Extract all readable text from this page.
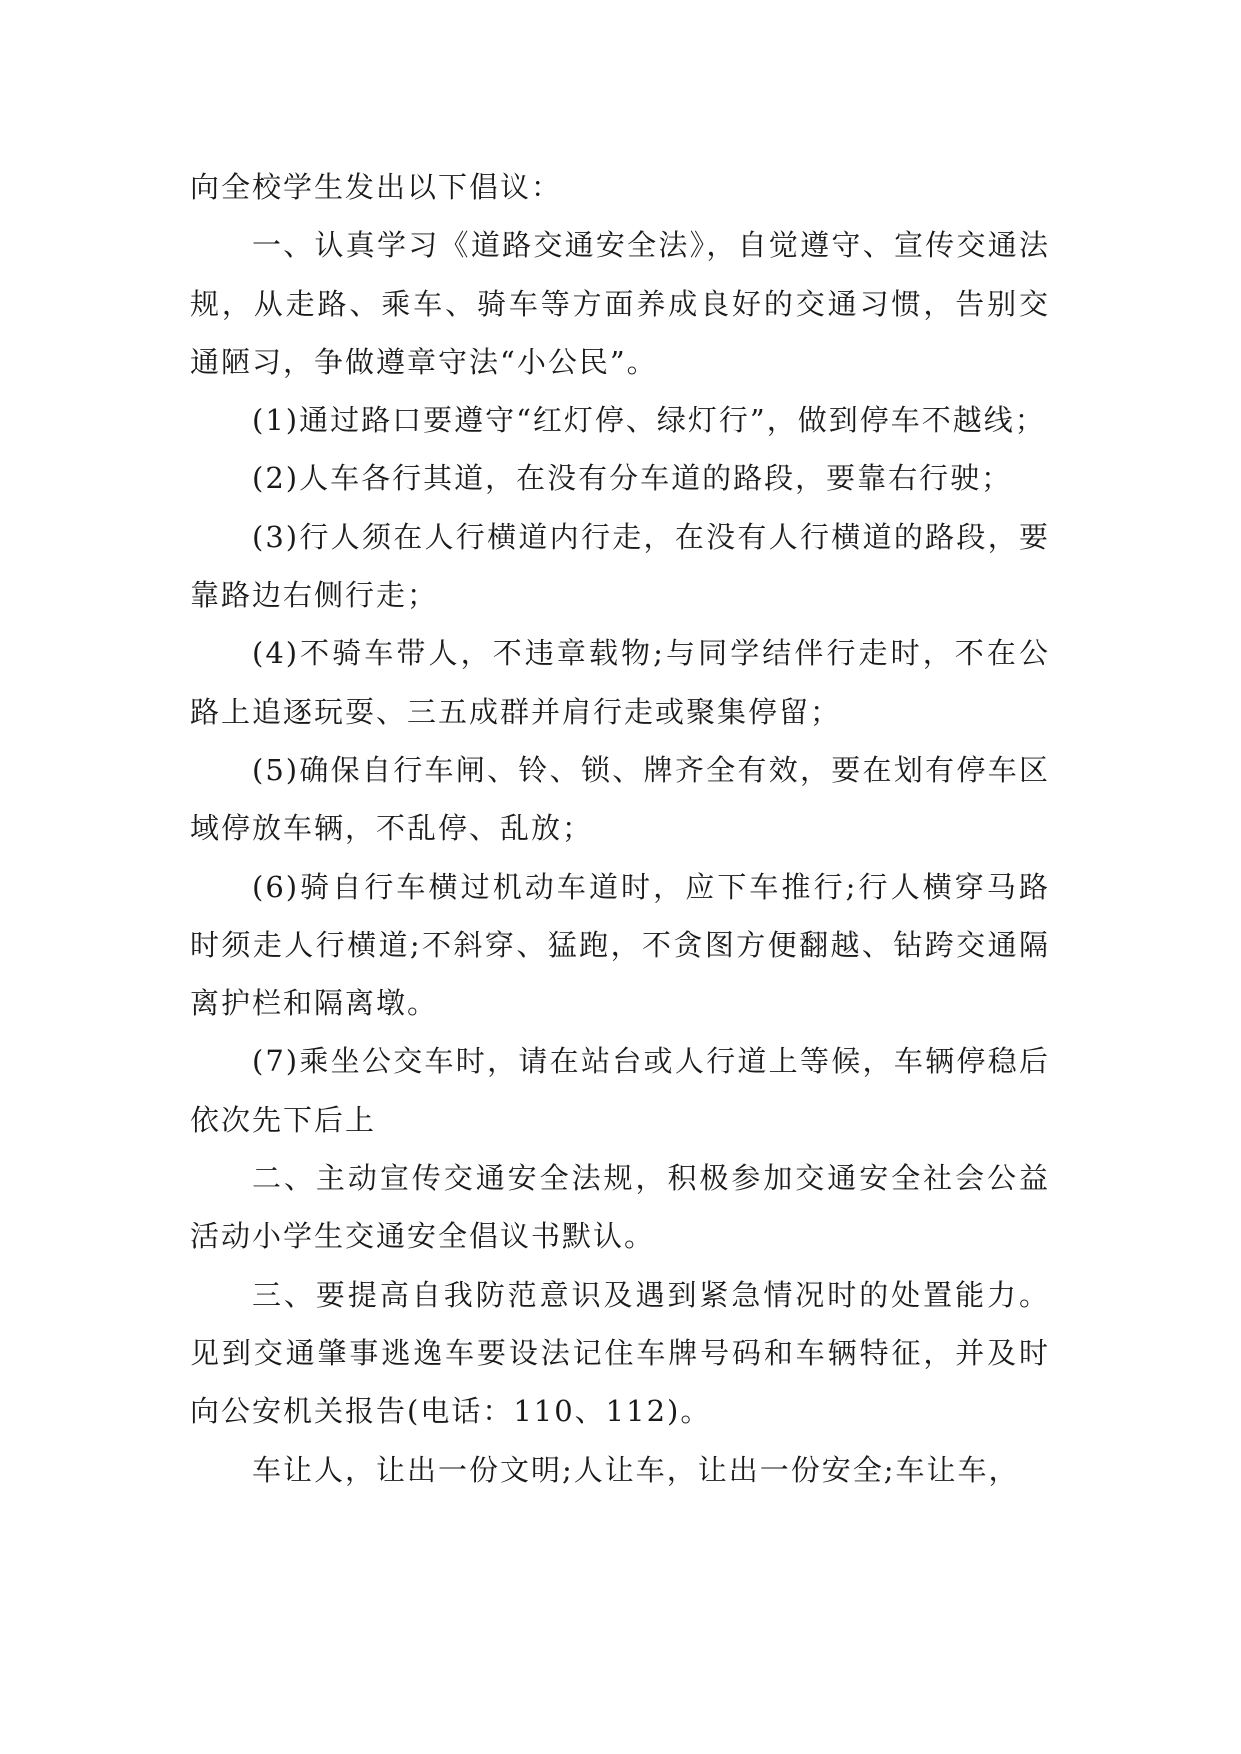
向全校学生发出以下倡议：

一、认真学习《道路交通安全法》，自觉遵守、宣传交通法规，从走路、乘车、骑车等方面养成良好的交通习惯，告别交通陋习，争做遵章守法“小公民”。

(1)通过路口要遵守“红灯停、绿灯行”，做到停车不越线；

(2)人车各行其道，在没有分车道的路段，要靠右行驶；

(3)行人须在人行横道内行走，在没有人行横道的路段，要靠路边右侧行走；

(4)不骑车带人，不违章载物;与同学结伴行走时，不在公路上追逐玩耍、三五成群并肩行走或聚集停留；

(5)确保自行车闸、铃、锁、牌齐全有效，要在划有停车区域停放车辆，不乱停、乱放；

(6)骑自行车横过机动车道时，应下车推行;行人横穿马路时须走人行横道;不斜穿、猛跑，不贪图方便翻越、钻跨交通隔离护栏和隔离墩。

(7)乘坐公交车时，请在站台或人行道上等候，车辆停稳后依次先下后上

二、主动宣传交通安全法规，积极参加交通安全社会公益活动小学生交通安全倡议书默认。

三、要提高自我防范意识及遇到紧急情况时的处置能力。见到交通肇事逃逸车要设法记住车牌号码和车辆特征，并及时向公安机关报告(电话：110、112)。

车让人，让出一份文明;人让车，让出一份安全;车让车，
